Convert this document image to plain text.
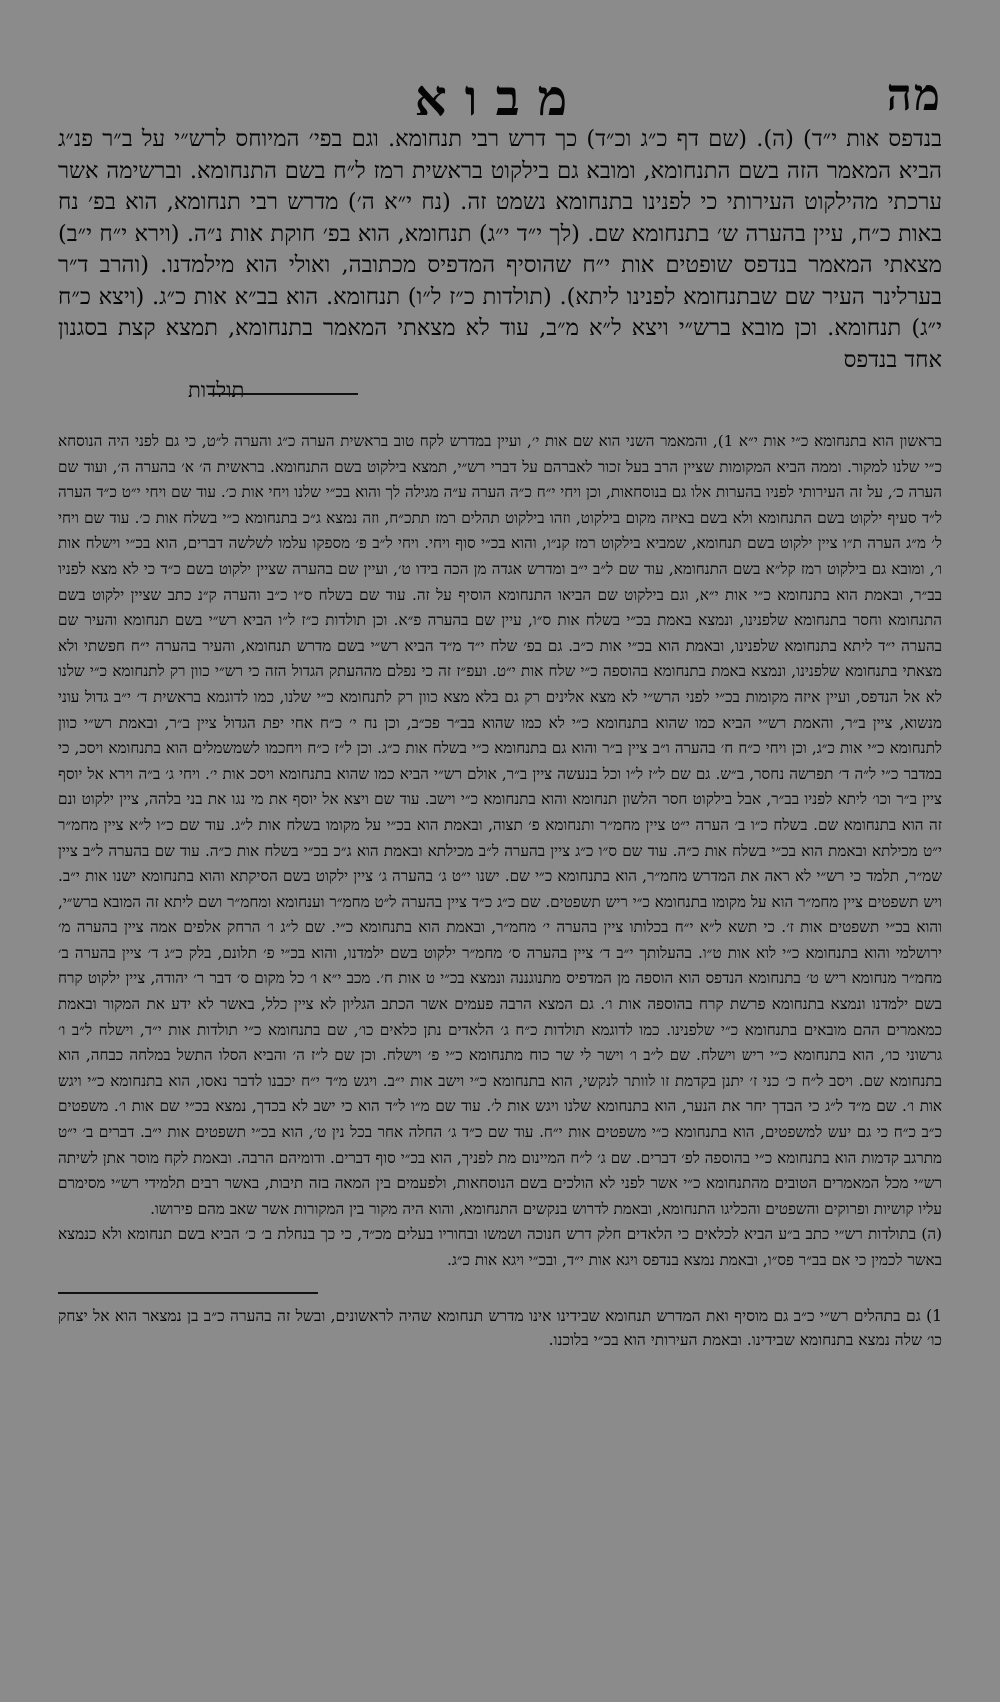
מה
מבוא

בנדפס אות י״ד) (ה). (שם דף כ״ג וכ״ד) כך דרש רבי תנחומא. וגם בפי׳ המיוחס לרש״י על ב״ר פנ״ג הביא המאמר הזה בשם התנחומא, ומובא גם בילקוט בראשית רמז ל״ח בשם התנחומא. וברשימה אשר ערכתי מהילקוט העירותי כי לפנינו בתנחומא נשמט זה. (נח י״א ה׳) מדרש רבי תנחומא, הוא בפ׳ נח באות כ״ח, עיין בהערה ש׳ בתנחומא שם. (לך י״ד י״ג) תנחומא, הוא בפ׳ חוקת אות נ״ה. (וירא י״ח י״ב) מצאתי המאמר בנדפס שופטים אות י״ח שהוסיף המדפיס מכתובה, ואולי הוא מילמדנו. (והרב ד״ר בערלינר העיר שם שבתנחומא לפנינו ליתא). (תולדות כ״ז ל״ו) תנחומא. הוא בב״א אות כ״ג. (ויצא כ״ח י״ג) תנחומא. וכן מובא ברש״י ויצא ל״א מ״ב, עוד לא מצאתי המאמר בתנחומא, תמצא קצת בסגנון אחד בנדפס

תולדות

בראשון הוא בתנחומא כ״י אות י״א 1), והמאמר השני הוא שם אות י׳, ועיין במדרש לקח טוב בראשית הערה כ״ג והערה ל״ט, כי גם לפני היה הנוסחא כ״י שלנו למקור. וממה הביא המקומות שציין הרב בעל זכור לאברהם על דברי רש״י, תמצא בילקוט בשם התנחומא. בראשית ה׳ א׳ בהערה ה׳, ועוד שם הערה כ׳, על זה העירותי לפניו בהערות אלו גם בנוסחאות, וכן ויחי י״ח כ״ה הערה ע״ה מגילה לך והוא בכ״י שלנו ויחי אות כ׳. עוד שם ויחי י״ט כ״ד הערה ל״ד סעיף ילקוט בשם התנחומא ולא בשם באיזה מקום בילקוט, וזהו בילקוט תהלים רמז תתכ״ח, וזה נמצא ג״כ בתנחומא כ״י בשלח אות כ׳. עוד שם ויחי ל׳ מ״ג הערה ת״ו ציין ילקוט בשם תנחומא, שמביא בילקוט רמז קנ״ו, והוא בכ״י סוף ויחי. ויחי ל״ב פ׳ מספקו עלמו לשלשה דברים, הוא בכ״י וישלח אות ו׳, ומובא גם בילקוט רמז קל״א בשם התנחומא, עוד שם ל״ב י״ב ומדרש אגדה מן הכה בידו ט׳, ועיין שם בהערה שציין ילקוט בשם כ״ד כי לא מצא לפניו בב״ר, ובאמת הוא בתנחומא כ״י אות י״א, וגם בילקוט שם הביאו התנחומא הוסיף על זה. עוד שם בשלח ס״ו כ״ב והערה ק״נ כתב שציין ילקוט בשם התנחומא וחסר בתנחומא שלפנינו, ונמצא באמת בכ״י בשלח אות ס״ו, עיין שם בהערה פ״א. וכן תולדות כ״ז ל״ו הביא רש״י בשם תנחומא והעיר שם בהערה י״ד ליתא בתנחומא שלפנינו, ובאמת הוא בכ״י אות כ״ב. גם בפ׳ שלח י״ד מ״ד הביא רש״י בשם מדרש תנחומא, והעיר בהערה י״ח חפשתי ולא מצאתי בתנחומא שלפנינו, ונמצא באמת בתנחומא בהוספה כ״י שלח אות י״ט. ועפ״ז זה כי נפלם מההעתק הגדול הזה כי רש״י כוון רק לתנחומא כ״י שלנו לא אל הנדפס, ועיין איזה מקומות בכ״י לפני הרש״י לא מצא אלינים רק גם בלא מצא כוון רק לתנחומא כ״י שלנו, כמו לדוגמא בראשית ד׳ י״ב גדול עוני מנשוא, ציין ב״ר, והאמת רש״י הביא כמו שהוא בתנחומא כ״י לא כמו שהוא בב״ר פכ״ב, וכן נח י׳ כ״ח אחי יפת הגדול ציין ב״ר, ובאמת רש״י כוון לתנחומא כ״י אות כ״ג, וכן ויחי כ״ח ח׳ בהערה ו״ב ציין ב״ר והוא גם בתנחומא כ״י בשלח אות כ״ג. וכן ל״ז כ״ח ויחכמו לשמשמלים הוא בתנחומא ויסכ, כי במדבר כ״י ל״ה ד׳ תפרשה נחסר, ב״ש. גם שם ל״ז ל״ו וכל בנעשה ציין ב״ר, אולם רש״י הביא כמו שהוא בתנחומא ויסכ אות י׳. ויחי ג׳ ב״ה וירא אל יוסף ציין ב״ר וכו׳ ליתא לפניו בב״ר, אבל בילקוט חסר הלשון תנחומא והוא בתנחומא כ״י וישב. עוד שם ויצא אל יוסף את מי נגו את בני בלהה, ציין ילקוט ונם זה הוא בתנחומא שם. בשלח כ״ו ב׳ הערה י״ט ציין מחמ״ר ותנחומא פ׳ תצוה, ובאמת הוא בכ״י על מקומו בשלח אות ל״ג. עוד שם כ״ו ל״א ציין מחמ״ר י״ט מכילתא ובאמת הוא בכ״י בשלח אות כ״ה. עוד שם ס״ו כ״ג ציין בהערה ל״ב מכילתא ובאמת הוא ג״כ בכ״י בשלח אות כ״ה. עוד שם בהערה ל״ב ציין שמ״ר, תלמד כי רש״י לא ראה את המדרש מחמ״ר, הוא בתנחומא כ״י שם. ישנו י״ט ג׳ בהערה ג׳ ציין ילקוט בשם הסיקתא והוא בתנחומא ישנו אות י״ב. ויש תשפטים ציין מחמ״ר הוא על מקומו בתנחומא כ״י ריש תשפטים. שם כ״ג כ״ד ציין בהערה ל״ט מחמ״ר וענחומא ומחמ״ר ושם ליתא זה המובא ברש״י, והוא בכ״י תשפטים אות ז׳. כי תשא ל״א י״ח בכלותו ציין בהערה י׳ מחמ״ר, ובאמת הוא בתנחומא כ״י. שם ל״ג ו׳ הרחק אלפים אמה ציין בהערה מ׳ ירושלמי והוא בתנחומא כ״י לוא אות ט״ו. בהעלותך י״ב ד׳ ציין בהערה ס׳ מחמ״ר ילקוט בשם ילמדנו, והוא בכ״י פ׳ תלונם, בלק כ״ג ד׳ ציין בהערה ב׳ מחמ״ר מנחומא ריש ט׳ בתנחומא הנדפס הוא הוספה מן המדפיס מתנוגננה ונמצא בכ״י ט אות ח׳. מכב י״א ו׳ כל מקום ס׳ דבר ר׳ יהודה, ציין ילקוט קרח בשם ילמדנו ונמצא בתנחומא פרשת קרח בהוספה אות ו׳. גם המצא הרבה פעמים אשר הכתב הגליון לא ציין כלל, באשר לא ידע את המקור ובאמת כמאמרים ההם מובאים בתנחומא כ״י שלפנינו. כמו לדוגמא תולדות כ״ח ג׳ הלאדים נתן כלאים כו׳, שם בתנחומא כ״י תולדות אות י״ד, וישלח ל״ב ו׳ גרשוני כו׳, הוא בתנחומא כ״י ריש וישלח. שם ל״ב ו׳ וישר לי שר כוח מתנחומא כ״י פ׳ וישלח. וכן שם ל״ז ה׳ והביא הסלו התשל במלחה כבחה, הוא בתנחומא שם. ויסב ל״ח כ׳ כני ז׳ יתנן בקדמת זו לוותר לנקשי, הוא בתנחומא כ״י וישב אות י״ב. ויגש מ״ד י״ח יכבנו לדבר נאסו, הוא בתנחומא כ״י ויגש אות ו׳. שם מ״ד ל״ג כי הבדך יחר את הנער, הוא בתנחומא שלנו ויגש אות ל׳. עוד שם מ״ו ל״ד הוא כי ישב לא בכדך, נמצא בכ״י שם אות ו׳. משפטים כ״ב כ״ח כי גם יעש למשפטים, הוא בתנחומא כ״י משפטים אות י״ח. עוד שם כ״ד ג׳ החלה אחר בכל נין ט׳, הוא בכ״י תשפטים אות י״ב. דברים ב׳ י״ט מתרגב קדמות הוא בתנחומא כ״י בהוספה לפ׳ דברים. שם ג׳ ל״ח המיינום מת לפניך, הוא בכ״י סוף דברים. ודומיהם הרבה. ובאמת לקח מוסר אתן לשיתה רש״י מכל המאמרים הטובים מהתנחומא כ״י אשר לפני לא הולכים בשם הנוסחאות, ולפעמים בין המאה בזה תיבות, באשר רבים תלמידי רש״י מסימרם עליו קושיות ופרוקים והשפטים והכליגו התנחומא, ובאמת לדרוש בנקשים התנחומא, והוא היה מקור בין המקורות אשר שאב מהם פירושו.

(ה) בתולדות רש״י כתב ב״ע הביא לכלאים כי הלאדים חלק דרש חנוכה ושמשו ובחוריו בעלים מכ״ד, כי כך בנחלת ב׳ כ׳ הביא בשם תנחומא ולא כנמצא באשר לכמין כי אם בב״ר פס״ו, ובאמת נמצא בנדפס ויגא אות י״ד, ובכ״י ויגא אות כ״ג.

1) גם בתהלים רש״י כ״ב גם מוסיף ואת המדרש תנחומא שבידינו אינו מדרש תנחומא שהיה לראשונים, ובשל זה בהערה כ״ב בן נמצאר הוא אל יצחק כו׳ שלה נמצא בתנחומא שבידינו. ובאמת העירותי הוא בכ״י בלוכנו.
